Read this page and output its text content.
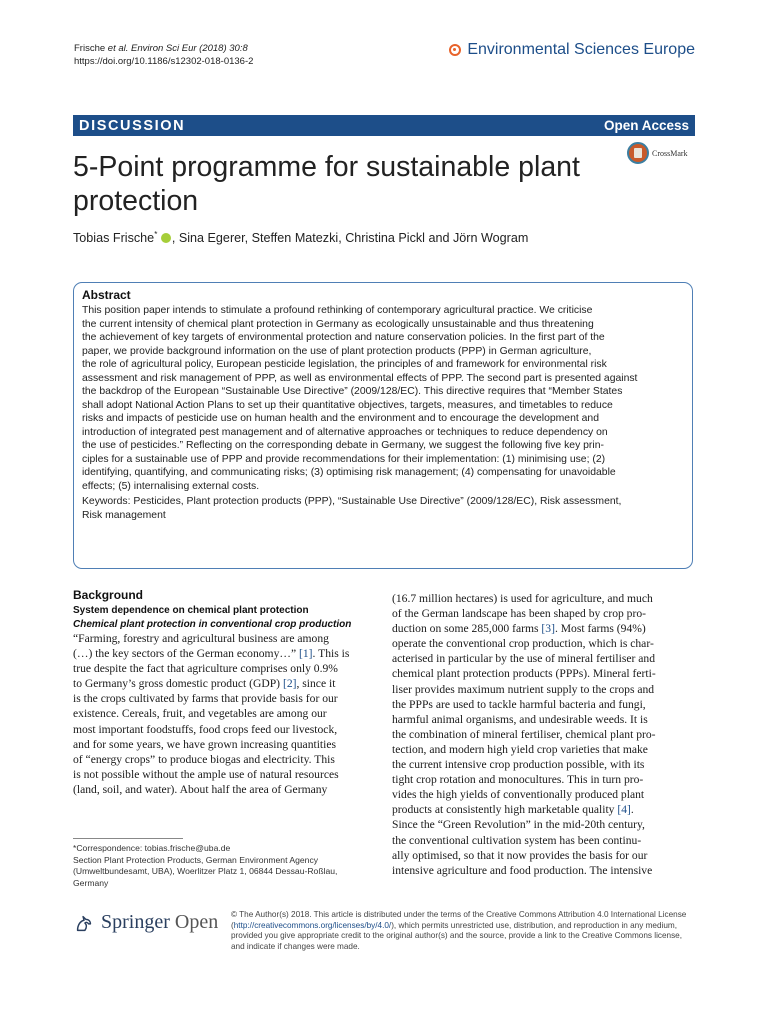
Frische et al. Environ Sci Eur (2018) 30:8
https://doi.org/10.1186/s12302-018-0136-2
Environmental Sciences Europe
DISCUSSION	Open Access
5-Point programme for sustainable plant
protection
CrossMark
Tobias Frische* , Sina Egerer, Steffen Matezki, Christina Pickl and Jörn Wogram
Abstract

This position paper intends to stimulate a profound rethinking of contemporary agricultural practice. We criticise
the current intensity of chemical plant protection in Germany as ecologically unsustainable and thus threatening
the achievement of key targets of environmental protection and nature conservation policies. In the first part of the
paper, we provide background information on the use of plant protection products (PPP) in German agriculture,
the role of agricultural policy, European pesticide legislation, the principles of and framework for environmental risk
assessment and risk management of PPP, as well as environmental effects of PPP. The second part is presented against
the backdrop of the European “Sustainable Use Directive” (2009/128/EC). This directive requires that “Member States
shall adopt National Action Plans to set up their quantitative objectives, targets, measures, and timetables to reduce
risks and impacts of pesticide use on human health and the environment and to encourage the development and
introduction of integrated pest management and of alternative approaches or techniques to reduce dependency on
the use of pesticides.” Reflecting on the corresponding debate in Germany, we suggest the following five key prin-
ciples for a sustainable use of PPP and provide recommendations for their implementation: (1) minimising use; (2)
identifying, quantifying, and communicating risks; (3) optimising risk management; (4) compensating for unavoidable
effects; (5) internalising external costs.

Keywords: Pesticides, Plant protection products (PPP), “Sustainable Use Directive” (2009/128/EC), Risk assessment,
Risk management
Background
System dependence on chemical plant protection
Chemical plant protection in conventional crop production

“Farming, forestry and agricultural business are among
(…) the key sectors of the German economy…” [1]. This is
true despite the fact that agriculture comprises only 0.9%
to Germany’s gross domestic product (GDP) [2], since it
is the crops cultivated by farms that provide basis for our
existence. Cereals, fruit, and vegetables are among our
most important foodstuffs, food crops feed our livestock,
and for some years, we have grown increasing quantities
of “energy crops” to produce biogas and electricity. This
is not possible without the ample use of natural resources
(land, soil, and water). About half the area of Germany

(16.7 million hectares) is used for agriculture, and much
of the German landscape has been shaped by crop pro-
duction on some 285,000 farms [3]. Most farms (94%)
operate the conventional crop production, which is char-
acterised in particular by the use of mineral fertiliser and
chemical plant protection products (PPPs). Mineral ferti-
liser provides maximum nutrient supply to the crops and
the PPPs are used to tackle harmful bacteria and fungi,
harmful animal organisms, and undesirable weeds. It is
the combination of mineral fertiliser, chemical plant pro-
tection, and modern high yield crop varieties that make
the current intensive crop production possible, with its
tight crop rotation and monocultures. This in turn pro-
vides the high yields of conventionally produced plant
products at consistently high marketable quality [4].
Since the “Green Revolution” in the mid-20th century,
the conventional cultivation system has been continu-
ally optimised, so that it now provides the basis for our
intensive agriculture and food production. The intensive

*Correspondence: tobias.frische@uba.de
Section Plant Protection Products, German Environment Agency
(Umweltbundesamt, UBA), Woerlitzer Platz 1, 06844 Dessau-Roßlau,
Germany
Springer Open © The Author(s) 2018. This article is distributed under the terms of the Creative Commons Attribution 4.0 International License
(http://creativecommons.org/licenses/by/4.0/), which permits unrestricted use, distribution, and reproduction in any medium,
provided you give appropriate credit to the original author(s) and the source, provide a link to the Creative Commons license,
and indicate if changes were made.
